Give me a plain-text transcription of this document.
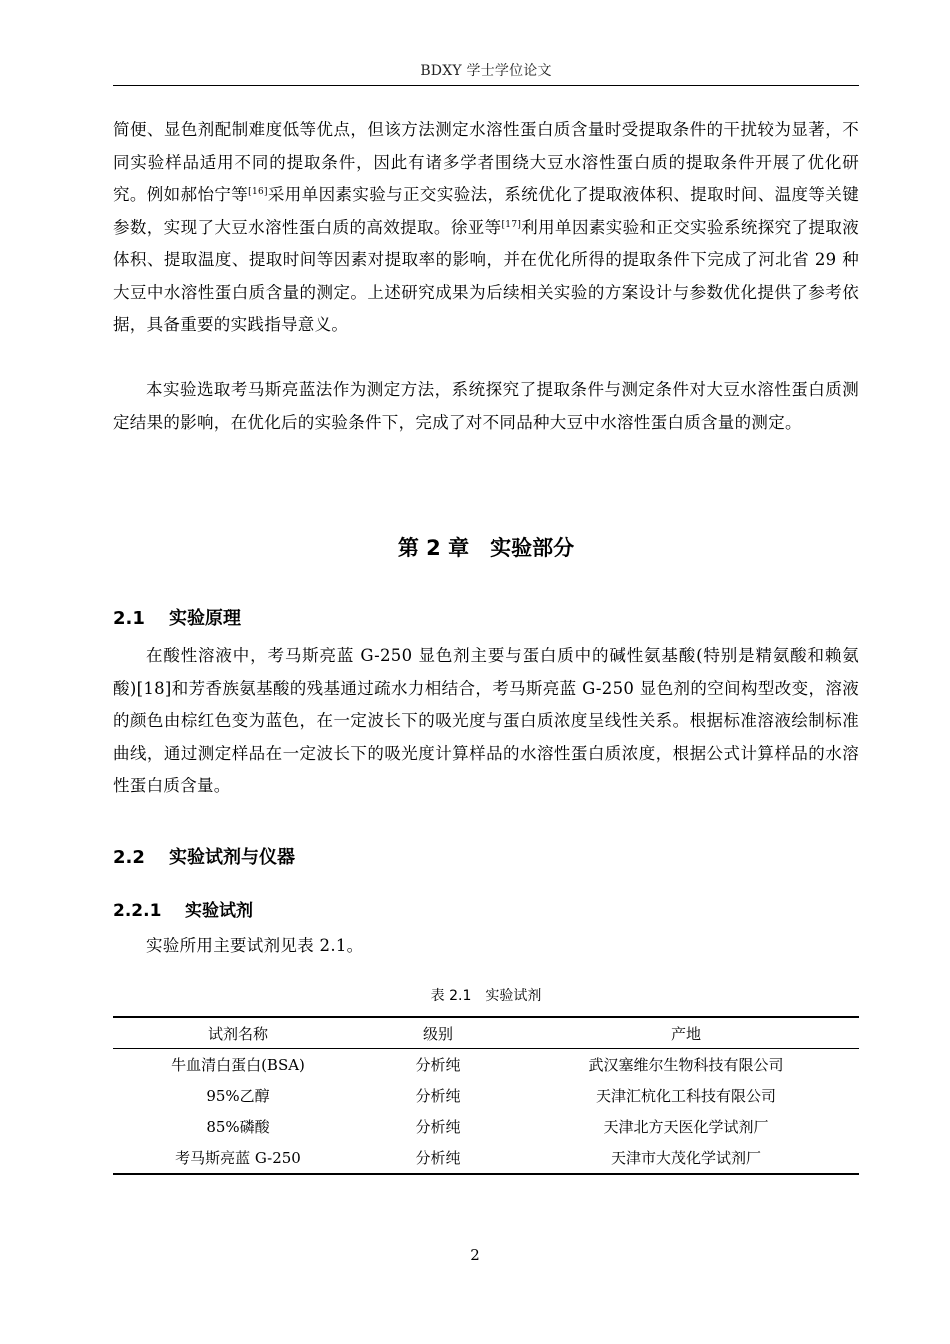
BDXY 学士学位论文

简便、显色剂配制难度低等优点，但该方法测定水溶性蛋白质含量时受提取条件的干扰较为显著，不同实验样品适用不同的提取条件，因此有诸多学者围绕大豆水溶性蛋白质的提取条件开展了优化研究。例如郝怡宁等[16]采用单因素实验与正交实验法，系统优化了提取液体积、提取时间、温度等关键参数，实现了大豆水溶性蛋白质的高效提取。徐亚等[17]利用单因素实验和正交实验系统探究了提取液体积、提取温度、提取时间等因素对提取率的影响，并在优化所得的提取条件下完成了河北省 29 种大豆中水溶性蛋白质含量的测定。上述研究成果为后续相关实验的方案设计与参数优化提供了参考依据，具备重要的实践指导意义。

本实验选取考马斯亮蓝法作为测定方法，系统探究了提取条件与测定条件对大豆水溶性蛋白质测定结果的影响，在优化后的实验条件下，完成了对不同品种大豆中水溶性蛋白质含量的测定。

第 2 章　实验部分
2.1 实验原理

在酸性溶液中，考马斯亮蓝 G-250 显色剂主要与蛋白质中的碱性氨基酸(特别是精氨酸和赖氨酸)[18]和芳香族氨基酸的残基通过疏水力相结合，考马斯亮蓝 G-250 显色剂的空间构型改变，溶液的颜色由棕红色变为蓝色，在一定波长下的吸光度与蛋白质浓度呈线性关系。根据标准溶液绘制标准曲线，通过测定样品在一定波长下的吸光度计算样品的水溶性蛋白质浓度，根据公式计算样品的水溶性蛋白质含量。

2.2 实验试剂与仪器
2.2.1 实验试剂

实验所用主要试剂见表 2.1。

表 2.1　实验试剂
试剂名称	级别	产地
牛血清白蛋白(BSA)	分析纯	武汉塞维尔生物科技有限公司
95%乙醇	分析纯	天津汇杭化工科技有限公司
85%磷酸	分析纯	天津北方天医化学试剂厂
考马斯亮蓝 G-250	分析纯	天津市大茂化学试剂厂
2
